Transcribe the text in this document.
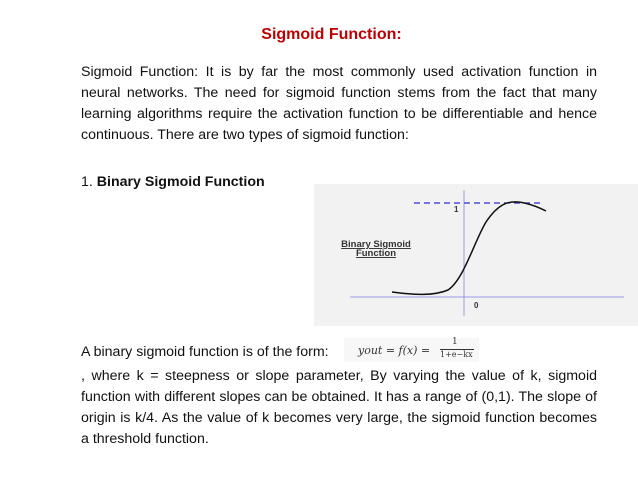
Sigmoid Function:

Sigmoid Function: It is by far the most commonly used activation function in neural networks. The need for sigmoid function stems from the fact that many learning algorithms require the activation function to be differentiable and hence continuous. There are two types of sigmoid function:

1. Binary Sigmoid Function
1
0
Binary Sigmoid
Function
A binary sigmoid function is of the form:	yout = f(x) =
1
1+e−kx

, where k = steepness or slope parameter, By varying the value of k, sigmoid function with different slopes can be obtained. It has a range of (0,1). The slope of origin is k/4. As the value of k becomes very large, the sigmoid function becomes a threshold function.
